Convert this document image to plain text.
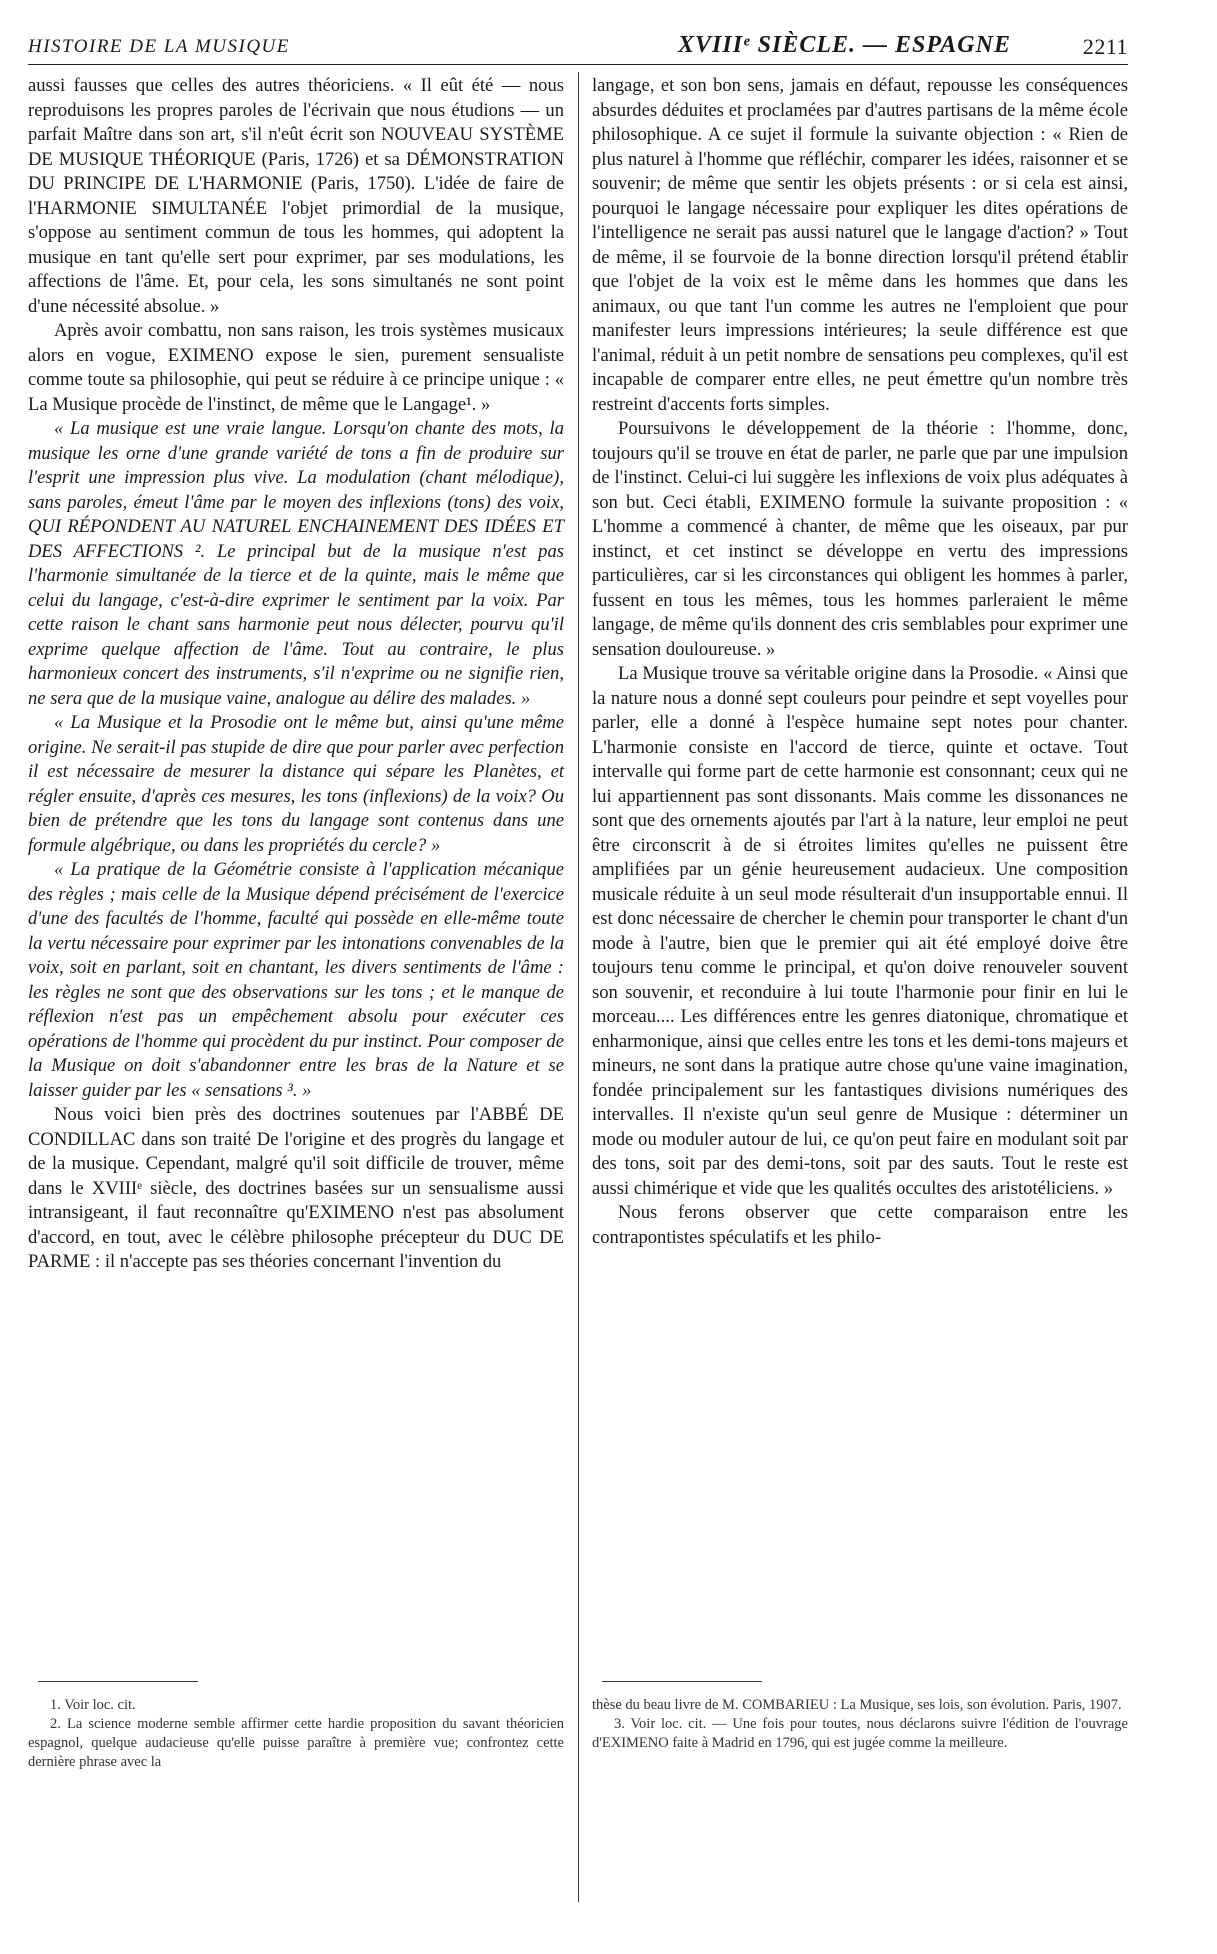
HISTOIRE DE LA MUSIQUE	XVIIIᵉ SIÈCLE. — ESPAGNE	2211

aussi fausses que celles des autres théoriciens. « Il eût été — nous reproduisons les propres paroles de l'écrivain que nous étudions — un parfait Maître dans son art, s'il n'eût écrit son NOUVEAU SYSTÈME DE MUSIQUE THÉORIQUE (Paris, 1726) et sa DÉMONSTRATION DU PRINCIPE DE L'HARMONIE (Paris, 1750). L'idée de faire de l'HARMONIE SIMULTANÉE l'objet primordial de la musique, s'oppose au sentiment commun de tous les hommes, qui adoptent la musique en tant qu'elle sert pour exprimer, par ses modulations, les affections de l'âme. Et, pour cela, les sons simultanés ne sont point d'une nécessité absolue. »

Après avoir combattu, non sans raison, les trois systèmes musicaux alors en vogue, EXIMENO expose le sien, purement sensualiste comme toute sa philosophie, qui peut se réduire à ce principe unique : « La Musique procède de l'instinct, de même que le Langage¹. »

« La musique est une vraie langue. Lorsqu'on chante des mots, la musique les orne d'une grande variété de tons a fin de produire sur l'esprit une impression plus vive. La modulation (chant mélodique), sans paroles, émeut l'âme par le moyen des inflexions (tons) des voix, QUI RÉPONDENT AU NATUREL ENCHAINEMENT DES IDÉES ET DES AFFECTIONS ². Le principal but de la musique n'est pas l'harmonie simultanée de la tierce et de la quinte, mais le même que celui du langage, c'est-à-dire exprimer le sentiment par la voix. Par cette raison le chant sans harmonie peut nous délecter, pourvu qu'il exprime quelque affection de l'âme. Tout au contraire, le plus harmonieux concert des instruments, s'il n'exprime ou ne signifie rien, ne sera que de la musique vaine, analogue au délire des malades. »

« La Musique et la Prosodie ont le même but, ainsi qu'une même origine. Ne serait-il pas stupide de dire que pour parler avec perfection il est nécessaire de mesurer la distance qui sépare les Planètes, et régler ensuite, d'après ces mesures, les tons (inflexions) de la voix? Ou bien de prétendre que les tons du langage sont contenus dans une formule algébrique, ou dans les propriétés du cercle? »

« La pratique de la Géométrie consiste à l'application mécanique des règles ; mais celle de la Musique dépend précisément de l'exercice d'une des facultés de l'homme, faculté qui possède en elle-même toute la vertu nécessaire pour exprimer par les intonations convenables de la voix, soit en parlant, soit en chantant, les divers sentiments de l'âme : les règles ne sont que des observations sur les tons ; et le manque de réflexion n'est pas un empêchement absolu pour exécuter ces opérations de l'homme qui procèdent du pur instinct. Pour composer de la Musique on doit s'abandonner entre les bras de la Nature et se laisser guider par les « sensations ³. »

Nous voici bien près des doctrines soutenues par l'ABBÉ DE CONDILLAC dans son traité De l'origine et des progrès du langage et de la musique. Cependant, malgré qu'il soit difficile de trouver, même dans le XVIIIᵉ siècle, des doctrines basées sur un sensualisme aussi intransigeant, il faut reconnaître qu'EXIMENO n'est pas absolument d'accord, en tout, avec le célèbre philosophe précepteur du DUC DE PARME : il n'accepte pas ses théories concernant l'invention du

langage, et son bon sens, jamais en défaut, repousse les conséquences absurdes déduites et proclamées par d'autres partisans de la même école philosophique. A ce sujet il formule la suivante objection : « Rien de plus naturel à l'homme que réfléchir, comparer les idées, raisonner et se souvenir; de même que sentir les objets présents : or si cela est ainsi, pourquoi le langage nécessaire pour expliquer les dites opérations de l'intelligence ne serait pas aussi naturel que le langage d'action? » Tout de même, il se fourvoie de la bonne direction lorsqu'il prétend établir que l'objet de la voix est le même dans les hommes que dans les animaux, ou que tant l'un comme les autres ne l'emploient que pour manifester leurs impressions intérieures; la seule différence est que l'animal, réduit à un petit nombre de sensations peu complexes, qu'il est incapable de comparer entre elles, ne peut émettre qu'un nombre très restreint d'accents forts simples.

Poursuivons le développement de la théorie : l'homme, donc, toujours qu'il se trouve en état de parler, ne parle que par une impulsion de l'instinct. Celui-ci lui suggère les inflexions de voix plus adéquates à son but. Ceci établi, EXIMENO formule la suivante proposition : « L'homme a commencé à chanter, de même que les oiseaux, par pur instinct, et cet instinct se développe en vertu des impressions particulières, car si les circonstances qui obligent les hommes à parler, fussent en tous les mêmes, tous les hommes parleraient le même langage, de même qu'ils donnent des cris semblables pour exprimer une sensation douloureuse. »

La Musique trouve sa véritable origine dans la Prosodie. « Ainsi que la nature nous a donné sept couleurs pour peindre et sept voyelles pour parler, elle a donné à l'espèce humaine sept notes pour chanter. L'harmonie consiste en l'accord de tierce, quinte et octave. Tout intervalle qui forme part de cette harmonie est consonnant; ceux qui ne lui appartiennent pas sont dissonants. Mais comme les dissonances ne sont que des ornements ajoutés par l'art à la nature, leur emploi ne peut être circonscrit à de si étroites limites qu'elles ne puissent être amplifiées par un génie heureusement audacieux. Une composition musicale réduite à un seul mode résulterait d'un insupportable ennui. Il est donc nécessaire de chercher le chemin pour transporter le chant d'un mode à l'autre, bien que le premier qui ait été employé doive être toujours tenu comme le principal, et qu'on doive renouveler souvent son souvenir, et reconduire à lui toute l'harmonie pour finir en lui le morceau.... Les différences entre les genres diatonique, chromatique et enharmonique, ainsi que celles entre les tons et les demi-tons majeurs et mineurs, ne sont dans la pratique autre chose qu'une vaine imagination, fondée principalement sur les fantastiques divisions numériques des intervalles. Il n'existe qu'un seul genre de Musique : déterminer un mode ou moduler autour de lui, ce qu'on peut faire en modulant soit par des tons, soit par des demi-tons, soit par des sauts. Tout le reste est aussi chimérique et vide que les qualités occultes des aristotéliciens. »

Nous ferons observer que cette comparaison entre les contrapontistes spéculatifs et les philo-

1. Voir loc. cit.

2. La science moderne semble affirmer cette hardie proposition du savant théoricien espagnol, quelque audacieuse qu'elle puisse paraître à première vue; confrontez cette dernière phrase avec la

thèse du beau livre de M. COMBARIEU : La Musique, ses lois, son évolution. Paris, 1907.

3. Voir loc. cit. — Une fois pour toutes, nous déclarons suivre l'édition de l'ouvrage d'EXIMENO faite à Madrid en 1796, qui est jugée comme la meilleure.
